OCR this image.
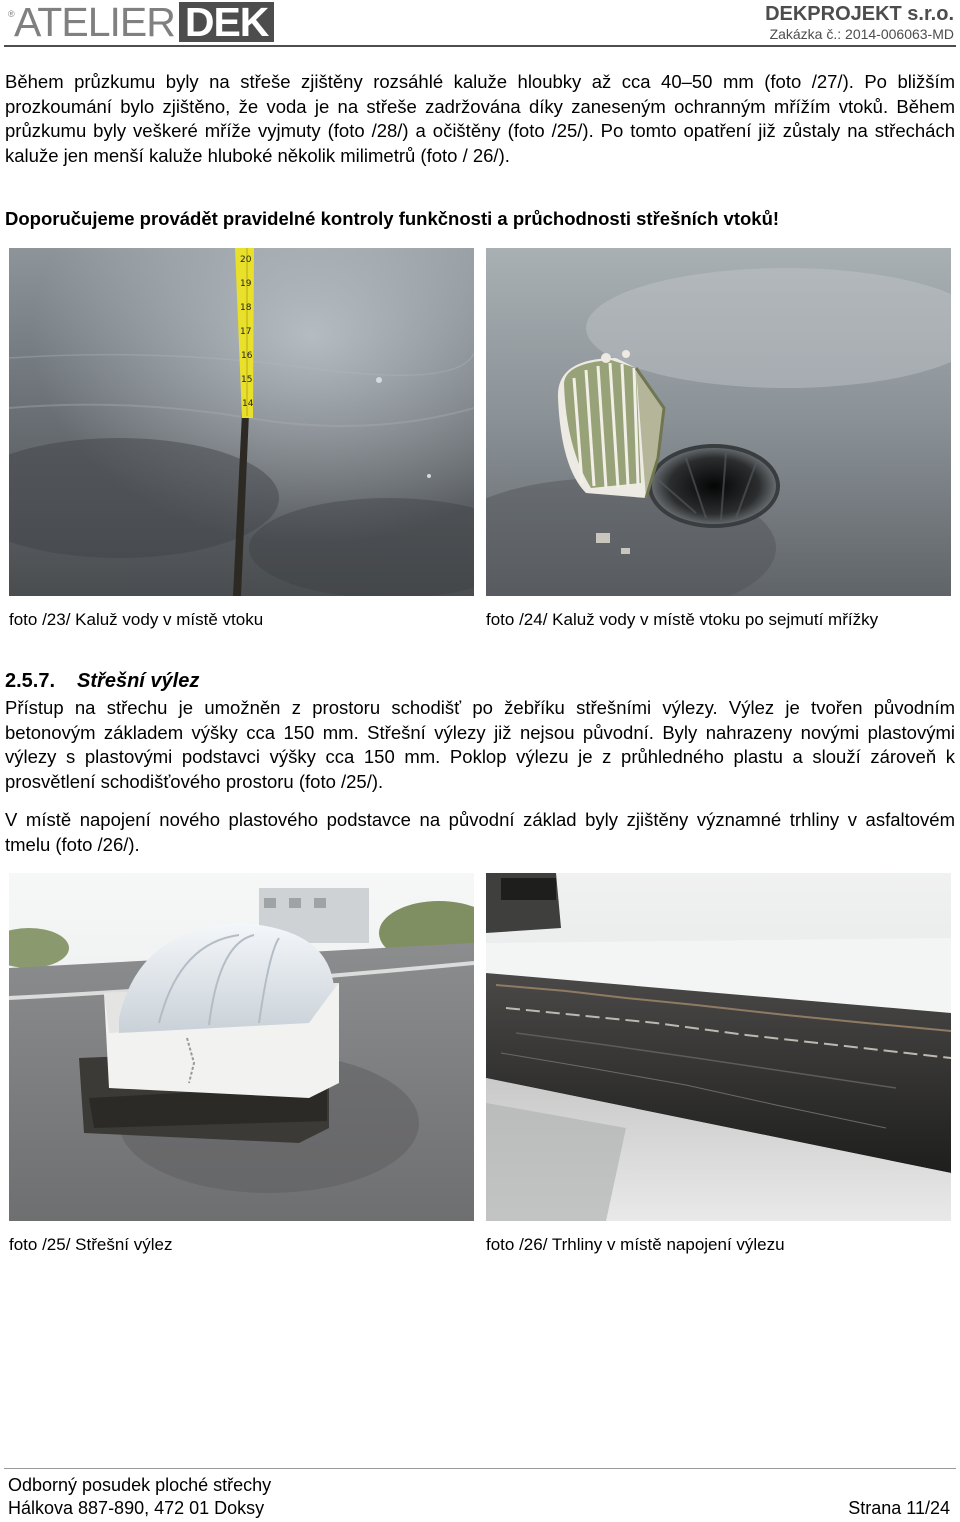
® ATELIER DEK	DEKPROJEKT s.r.o.
Zakázka č.: 2014-006063-MD
Během průzkumu byly na střeše zjištěny rozsáhlé kaluže hloubky až cca 40–50 mm (foto /27/). Po bližším prozkoumání bylo zjištěno, že voda je na střeše zadržována díky zaneseným ochranným mřížím vtoků. Během průzkumu byly veškeré mříže vyjmuty (foto /28/) a očištěny (foto /25/). Po tomto opatření již zůstaly na střechách kaluže jen menší kaluže hluboké několik milimetrů (foto / 26/).
Doporučujeme provádět pravidelné kontroly funkčnosti a průchodnosti střešních vtoků!
20
19
18
17
16
15
14
foto /23/ Kaluž vody v místě vtoku	foto /24/ Kaluž vody v místě vtoku po sejmutí mřížky
2.5.7. Střešní výlez
Přístup na střechu je umožněn z prostoru schodišť po žebříku střešními výlezy. Výlez je tvořen původním betonovým základem výšky cca 150 mm. Střešní výlezy již nejsou původní. Byly nahrazeny novými plastovými výlezy s plastovými podstavci výšky cca 150 mm. Poklop výlezu je z průhledného plastu a slouží zároveň k prosvětlení schodišťového prostoru (foto /25/).
V místě napojení nového plastového podstavce na původní základ byly zjištěny významné trhliny v asfaltovém tmelu (foto /26/).
foto /25/ Střešní výlez	foto /26/ Trhliny v místě napojení výlezu
Odborný posudek ploché střechy
Hálkova 887-890, 472 01 Doksy	Strana 11/24
